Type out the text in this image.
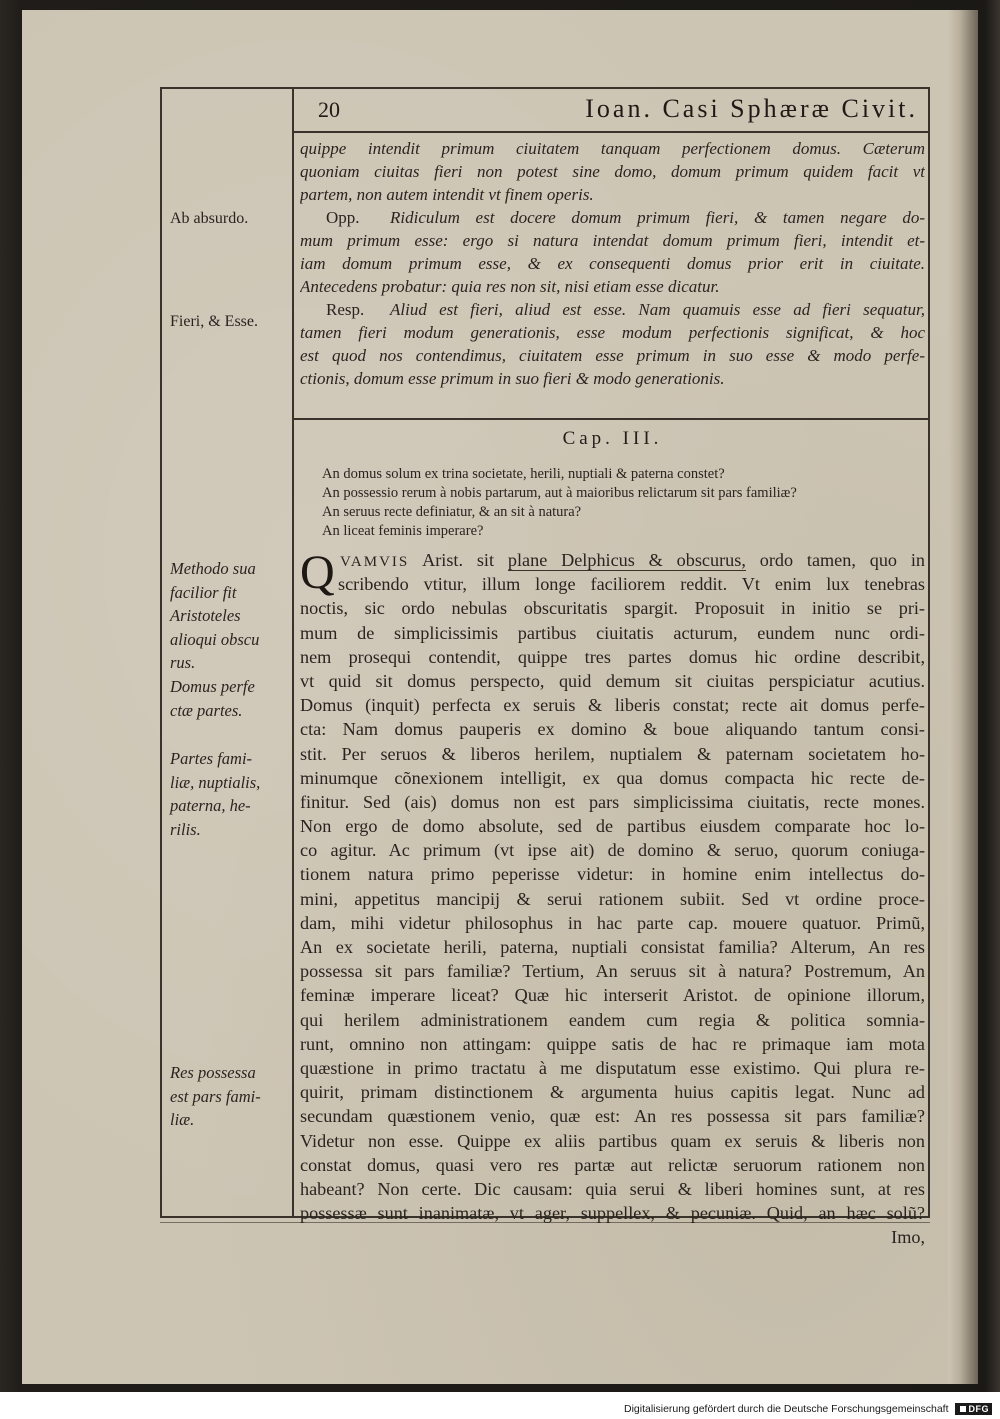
20	Ioan. Casi Sphæræ Civit.
quippe intendit primum ciuitatem tanquam perfectionem domus. Cæterum
quoniam ciuitas fieri non potest sine domo, domum primum quidem facit vt
partem, non autem intendit vt finem operis.
Opp. Ridiculum est docere domum primum fieri, & tamen negare do-
mum primum esse: ergo si natura intendat domum primum fieri, intendit et-
iam domum primum esse, & ex consequenti domus prior erit in ciuitate.
Antecedens probatur: quia res non sit, nisi etiam esse dicatur.
Resp. Aliud est fieri, aliud est esse. Nam quamuis esse ad fieri sequatur,
tamen fieri modum generationis, esse modum perfectionis significat, & hoc
est quod nos contendimus, ciuitatem esse primum in suo esse & modo perfe-
ctionis, domum esse primum in suo fieri & modo generationis.
Cap. III.
An domus solum ex trina societate, herili, nuptiali & paterna constet?
An possessio rerum à nobis partarum, aut à maioribus relictarum sit pars familiæ?
An seruus recte definiatur, & an sit à natura?
An liceat feminis imperare?
Q VAMVIS Arist. sit plane Delphicus & obscurus, ordo tamen, quo in
scribendo vtitur, illum longe faciliorem reddit. Vt enim lux tenebras
noctis, sic ordo nebulas obscuritatis spargit. Proposuit in initio se pri-
mum de simplicissimis partibus ciuitatis acturum, eundem nunc ordi-
nem prosequi contendit, quippe tres partes domus hic ordine describit,
vt quid sit domus perspecto, quid demum sit ciuitas perspiciatur acutius.
Domus (inquit) perfecta ex seruis & liberis constat; recte ait domus perfe-
cta: Nam domus pauperis ex domino & boue aliquando tantum consi-
stit. Per seruos & liberos herilem, nuptialem & paternam societatem ho-
minumque cõnexionem intelligit, ex qua domus compacta hic recte de-
finitur. Sed (ais) domus non est pars simplicissima ciuitatis, recte mones.
Non ergo de domo absolute, sed de partibus eiusdem comparate hoc lo-
co agitur. Ac primum (vt ipse ait) de domino & seruo, quorum coniuga-
tionem natura primo peperisse videtur: in homine enim intellectus do-
mini, appetitus mancipij & serui rationem subiit. Sed vt ordine proce-
dam, mihi videtur philosophus in hac parte cap. mouere quatuor. Primũ,
An ex societate herili, paterna, nuptiali consistat familia? Alterum, An res
possessa sit pars familiæ? Tertium, An seruus sit à natura? Postremum, An
feminæ imperare liceat? Quæ hic interserit Aristot. de opinione illorum,
qui herilem administrationem eandem cum regia & politica somnia-
runt, omnino non attingam: quippe satis de hac re primaque iam mota
quæstione in primo tractatu à me disputatum esse existimo. Qui plura re-
quirit, primam distinctionem & argumenta huius capitis legat. Nunc ad
secundam quæstionem venio, quæ est: An res possessa sit pars familiæ?
Videtur non esse. Quippe ex aliis partibus quam ex seruis & liberis non
constat domus, quasi vero res partæ aut relictæ seruorum rationem non
habeant? Non certe. Dic causam: quia serui & liberi homines sunt, at res
possessæ sunt inanimatæ, vt ager, suppellex, & pecuniæ. Quid, an hæc solũ?
Imo,
Ab absurdo.
Fieri, & Esse.
Methodo sua
facilior fit
Aristoteles
alioqui obscu
rus.
Domus perfe
ctæ partes.
Partes fami-
liæ, nuptialis,
paterna, he-
rilis.
Res possessa
est pars fami-
liæ.
Digitalisierung gefördert durch die Deutsche Forschungsgemeinschaft DFG
